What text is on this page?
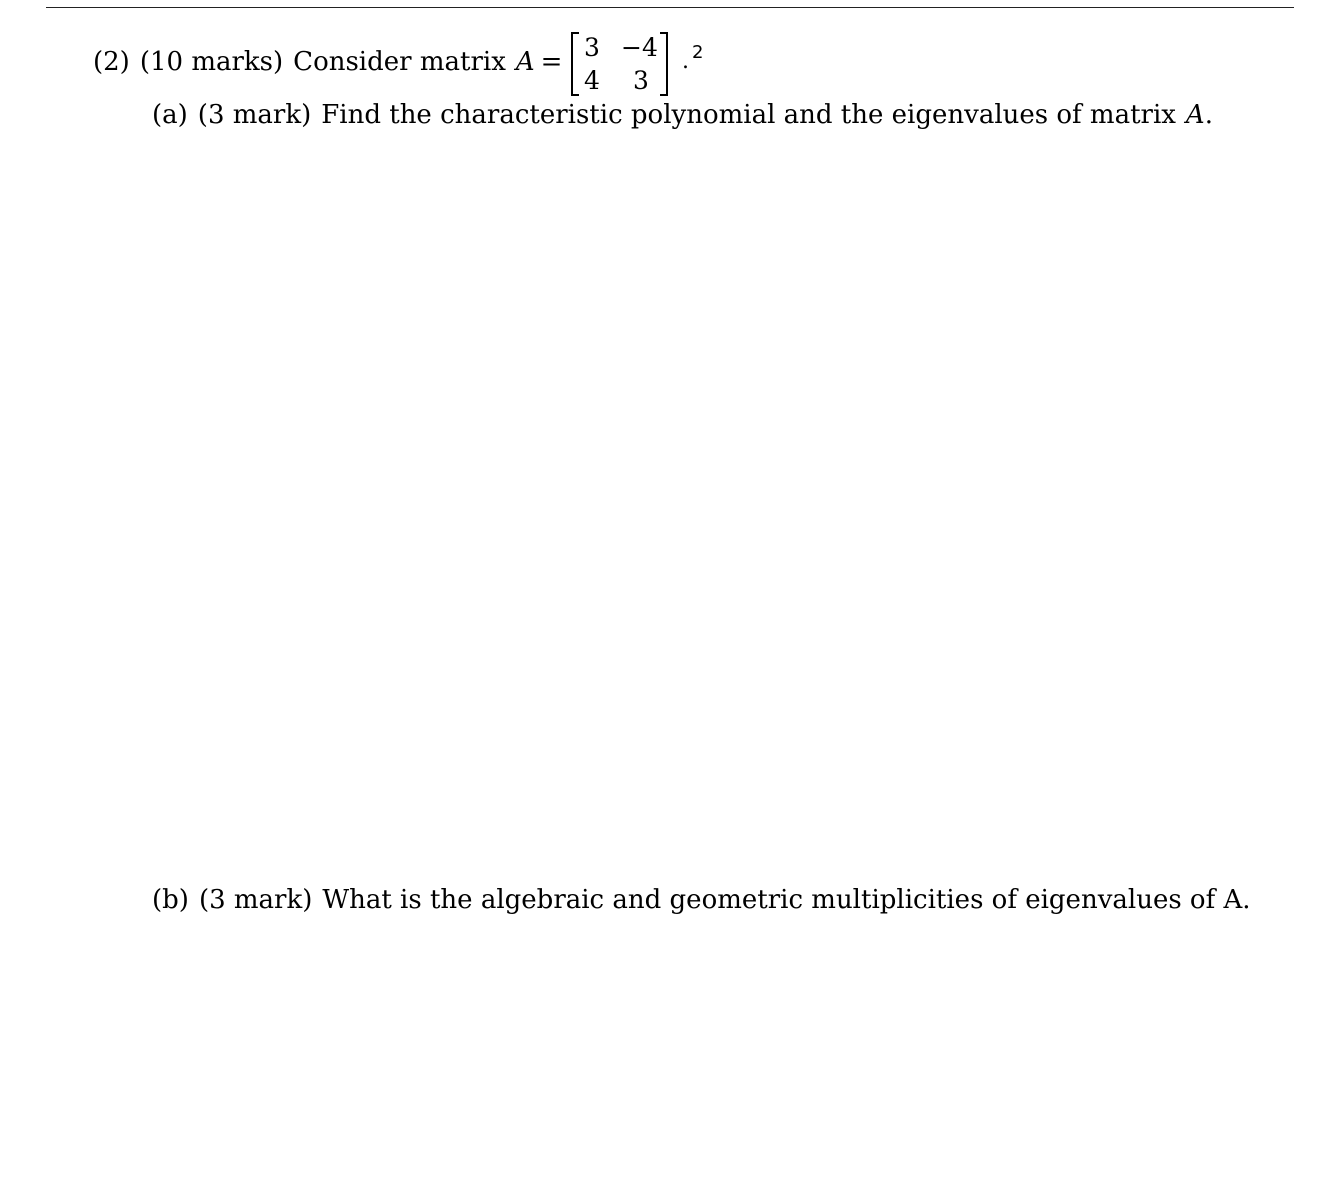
(2) (10 marks) Consider matrix A = 3 −4
4 3
. 2
(a) (3 mark) Find the characteristic polynomial and the eigenvalues of matrix A.
(b) (3 mark) What is the algebraic and geometric multiplicities of eigenvalues of A.
